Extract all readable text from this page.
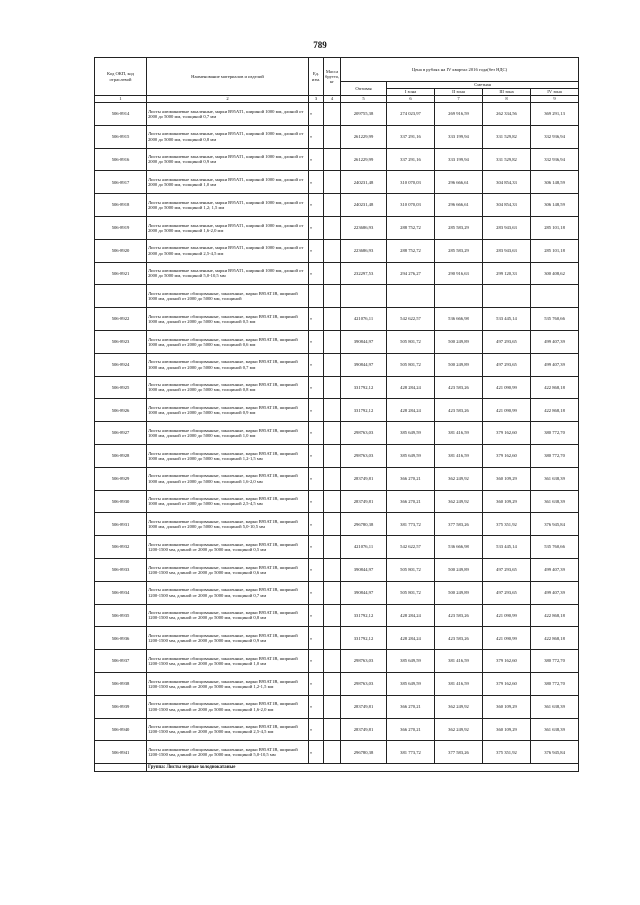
789
Код ОКП, код отраслевой	Наименование материалов и изделий	Ед. изм.	Масса брутто, кг	Цена в рублях на IV квартал 2016 года(без НДС)				
				Оптовая	Сметная			
					I зона	II зона	III зона	IV зона
1	2	3	4	5	6	7	8	9
506-8914	Листы алюминиевые закаленные, марки В95АТ1, шириной 1000 мм, длиной от 2000 до 5000 мм, толщиной 0,7 мм	т		209755,38	274 023,97	269 916,59	262 334,56	369 291,13
506-8915	Листы алюминиевые закаленные, марки В95АТ1, шириной 1000 мм, длиной от 2000 до 5000 мм, толщиной 0,8 мм	т		261229,99	337 291,16	333 199,94	331 529,82	332 936,94
506-8916	Листы алюминиевые закаленные, марки В95АТ1, шириной 1000 мм, длиной от 2000 до 5000 мм, толщиной 0,9 мм	т		261229,99	337 291,16	333 199,94	331 529,82	332 936,94
506-8917	Листы алюминиевые закаленные, марки В95АТ1, шириной 1000 мм, длиной от 2000 до 5000 мм, толщиной 1,0 мм	т		240231,48	310 070,03	296 666,61	304 854,33	306 148,59
506-8918	Листы алюминиевые закаленные, марки В95АТ1, шириной 1000 мм, длиной от 2000 до 5000 мм, толщиной 1,2; 1,5 мм	т		240231,48	310 070,03	296 666,61	304 854,33	306 148,59
506-8919	Листы алюминиевые закаленные, марки В95АТ1, шириной 1000 мм, длиной от 2000 до 5000 мм, толщиной 1,6-2,0 мм	т		223686,93	288 752,72	285 583,29	283 943,63	285 101,18
506-8920	Листы алюминиевые закаленные, марки В95АТ1, шириной 1000 мм, длиной от 2000 до 5000 мм, толщиной 2,5-4,5 мм	т		223686,93	288 752,72	285 583,29	283 943,63	285 101,18
506-8921	Листы алюминиевые закаленные, марки В95АТ1, шириной 1000 мм, длиной от 2000 до 5000 мм, толщиной 5,0-10,5 мм	т		232297,53	294 276,27	290 916,63	299 120,33	300 408,62
	Листы алюминиевые облицованные, закаленные, марки В95АТ1В, шириной 1000 мм, длиной от 2000 до 5000 мм, толщиной							
506-8922	Листы алюминиевые облицованные, закаленные, марки В95АТ1В, шириной 1000 мм, длиной от 2000 до 5000 мм, толщиной 0,5 мм	т		421076,11	542 622,57	536 666,98	533 445,14	535 760,66
506-8923	Листы алюминиевые облицованные, закаленные, марки В95АТ1В, шириной 1000 мм, длиной от 2000 до 5000 мм, толщиной 0,6 мм	т		390844,97	505 801,72	500 249,89	497 293,65	499 407,39
506-8924	Листы алюминиевые облицованные, закаленные, марки В95АТ1В, шириной 1000 мм, длиной от 2000 до 5000 мм, толщиной 0,7 мм	т		390844,97	505 801,72	500 249,89	497 293,65	499 407,39
506-8925	Листы алюминиевые облицованные, закаленные, марки В95АТ1В, шириной 1000 мм, длиной от 2000 до 5000 мм, толщиной 0,8 мм	т		331792,12	428 284,24	423 583,26	421 090,99	422 868,18
506-8926	Листы алюминиевые облицованные, закаленные, марки В95АТ1В, шириной 1000 мм, длиной от 2000 до 5000 мм, толщиной 0,9 мм	т		331792,12	428 284,24	423 583,26	421 090,99	422 868,18
506-8927	Листы алюминиевые облицованные, закаленные, марки В95АТ1В, шириной 1000 мм, длиной от 2000 до 5000 мм, толщиной 1,0 мм	т		298763,03	385 649,59	381 416,59	379 162,60	380 772,70
506-8928	Листы алюминиевые облицованные, закаленные, марки В95АТ1В, шириной 1000 мм, длиной от 2000 до 5000 мм, толщиной 1,2-1,5 мм	т		298763,03	385 649,59	381 416,59	379 162,60	380 772,70
506-8929	Листы алюминиевые облицованные, закаленные, марки В95АТ1В, шириной 1000 мм, длиной от 2000 до 5000 мм, толщиной 1,6-2,0 мм	т		283749,81	366 270,21	362 249,92	360 109,29	361 638,39
506-8930	Листы алюминиевые облицованные, закаленные, марки В95АТ1В, шириной 1000 мм, длиной от 2000 до 5000 мм, толщиной 2,5-4,5 мм	т		283749,81	366 270,21	362 249,92	360 109,29	361 638,39
506-8931	Листы алюминиевые облицованные, закаленные, марки В95АТ1В, шириной 1000 мм, длиной от 2000 до 5000 мм, толщиной 5,0-10,5 мм	т		296780,38	381 773,72	377 583,26	375 351,92	376 945,84
506-8932	Листы алюминиевые облицованные, закаленные, марки В95АТ1В, шириной 1200-1500 мм, длиной от 2000 до 5000 мм, толщиной 0,5 мм	т		421076,11	542 622,57	536 666,98	533 445,14	535 760,66
506-8933	Листы алюминиевые облицованные, закаленные, марки В95АТ1В, шириной 1200-1500 мм, длиной от 2000 до 5000 мм, толщиной 0,6 мм	т		390844,97	505 801,72	500 249,89	497 293,65	499 407,39
506-8934	Листы алюминиевые облицованные, закаленные, марки В95АТ1В, шириной 1200-1500 мм, длиной от 2000 до 5000 мм, толщиной 0,7 мм	т		390844,97	505 801,72	500 249,89	497 293,65	499 407,39
506-8935	Листы алюминиевые облицованные, закаленные, марки В95АТ1В, шириной 1200-1500 мм, длиной от 2000 до 5000 мм, толщиной 0,8 мм	т		331792,12	428 284,24	423 583,26	421 090,99	422 868,18
506-8936	Листы алюминиевые облицованные, закаленные, марки В95АТ1В, шириной 1200-1500 мм, длиной от 2000 до 5000 мм, толщиной 0,9 мм	т		331792,12	428 284,24	423 583,26	421 090,99	422 868,18
506-8937	Листы алюминиевые облицованные, закаленные, марки В95АТ1В, шириной 1200-1500 мм, длиной от 2000 до 5000 мм, толщиной 1,0 мм	т		298763,03	385 649,59	381 416,59	379 162,60	380 772,70
506-8938	Листы алюминиевые облицованные, закаленные, марки В95АТ1В, шириной 1200-1500 мм, длиной от 2000 до 5000 мм, толщиной 1,2-1,5 мм	т		298763,03	385 649,59	381 416,59	379 162,60	380 772,70
506-8939	Листы алюминиевые облицованные, закаленные, марки В95АТ1В, шириной 1200-1500 мм, длиной от 2000 до 5000 мм, толщиной 1,6-2,0 мм	т		283749,81	366 270,21	362 249,92	360 109,29	361 638,39
506-8940	Листы алюминиевые облицованные, закаленные, марки В95АТ1В, шириной 1200-1500 мм, длиной от 2000 до 5000 мм, толщиной 2,5-4,5 мм	т		283749,81	366 270,21	362 249,92	360 109,29	361 638,39
506-8941	Листы алюминиевые облицованные, закаленные, марки В95АТ1В, шириной 1200-1500 мм, длиной от 2000 до 5000 мм, толщиной 5,0-10,5 мм	т		296780,38	381 773,72	377 583,26	375 351,92	376 945,84
	Группа: Листы медные холоднокатаные							
